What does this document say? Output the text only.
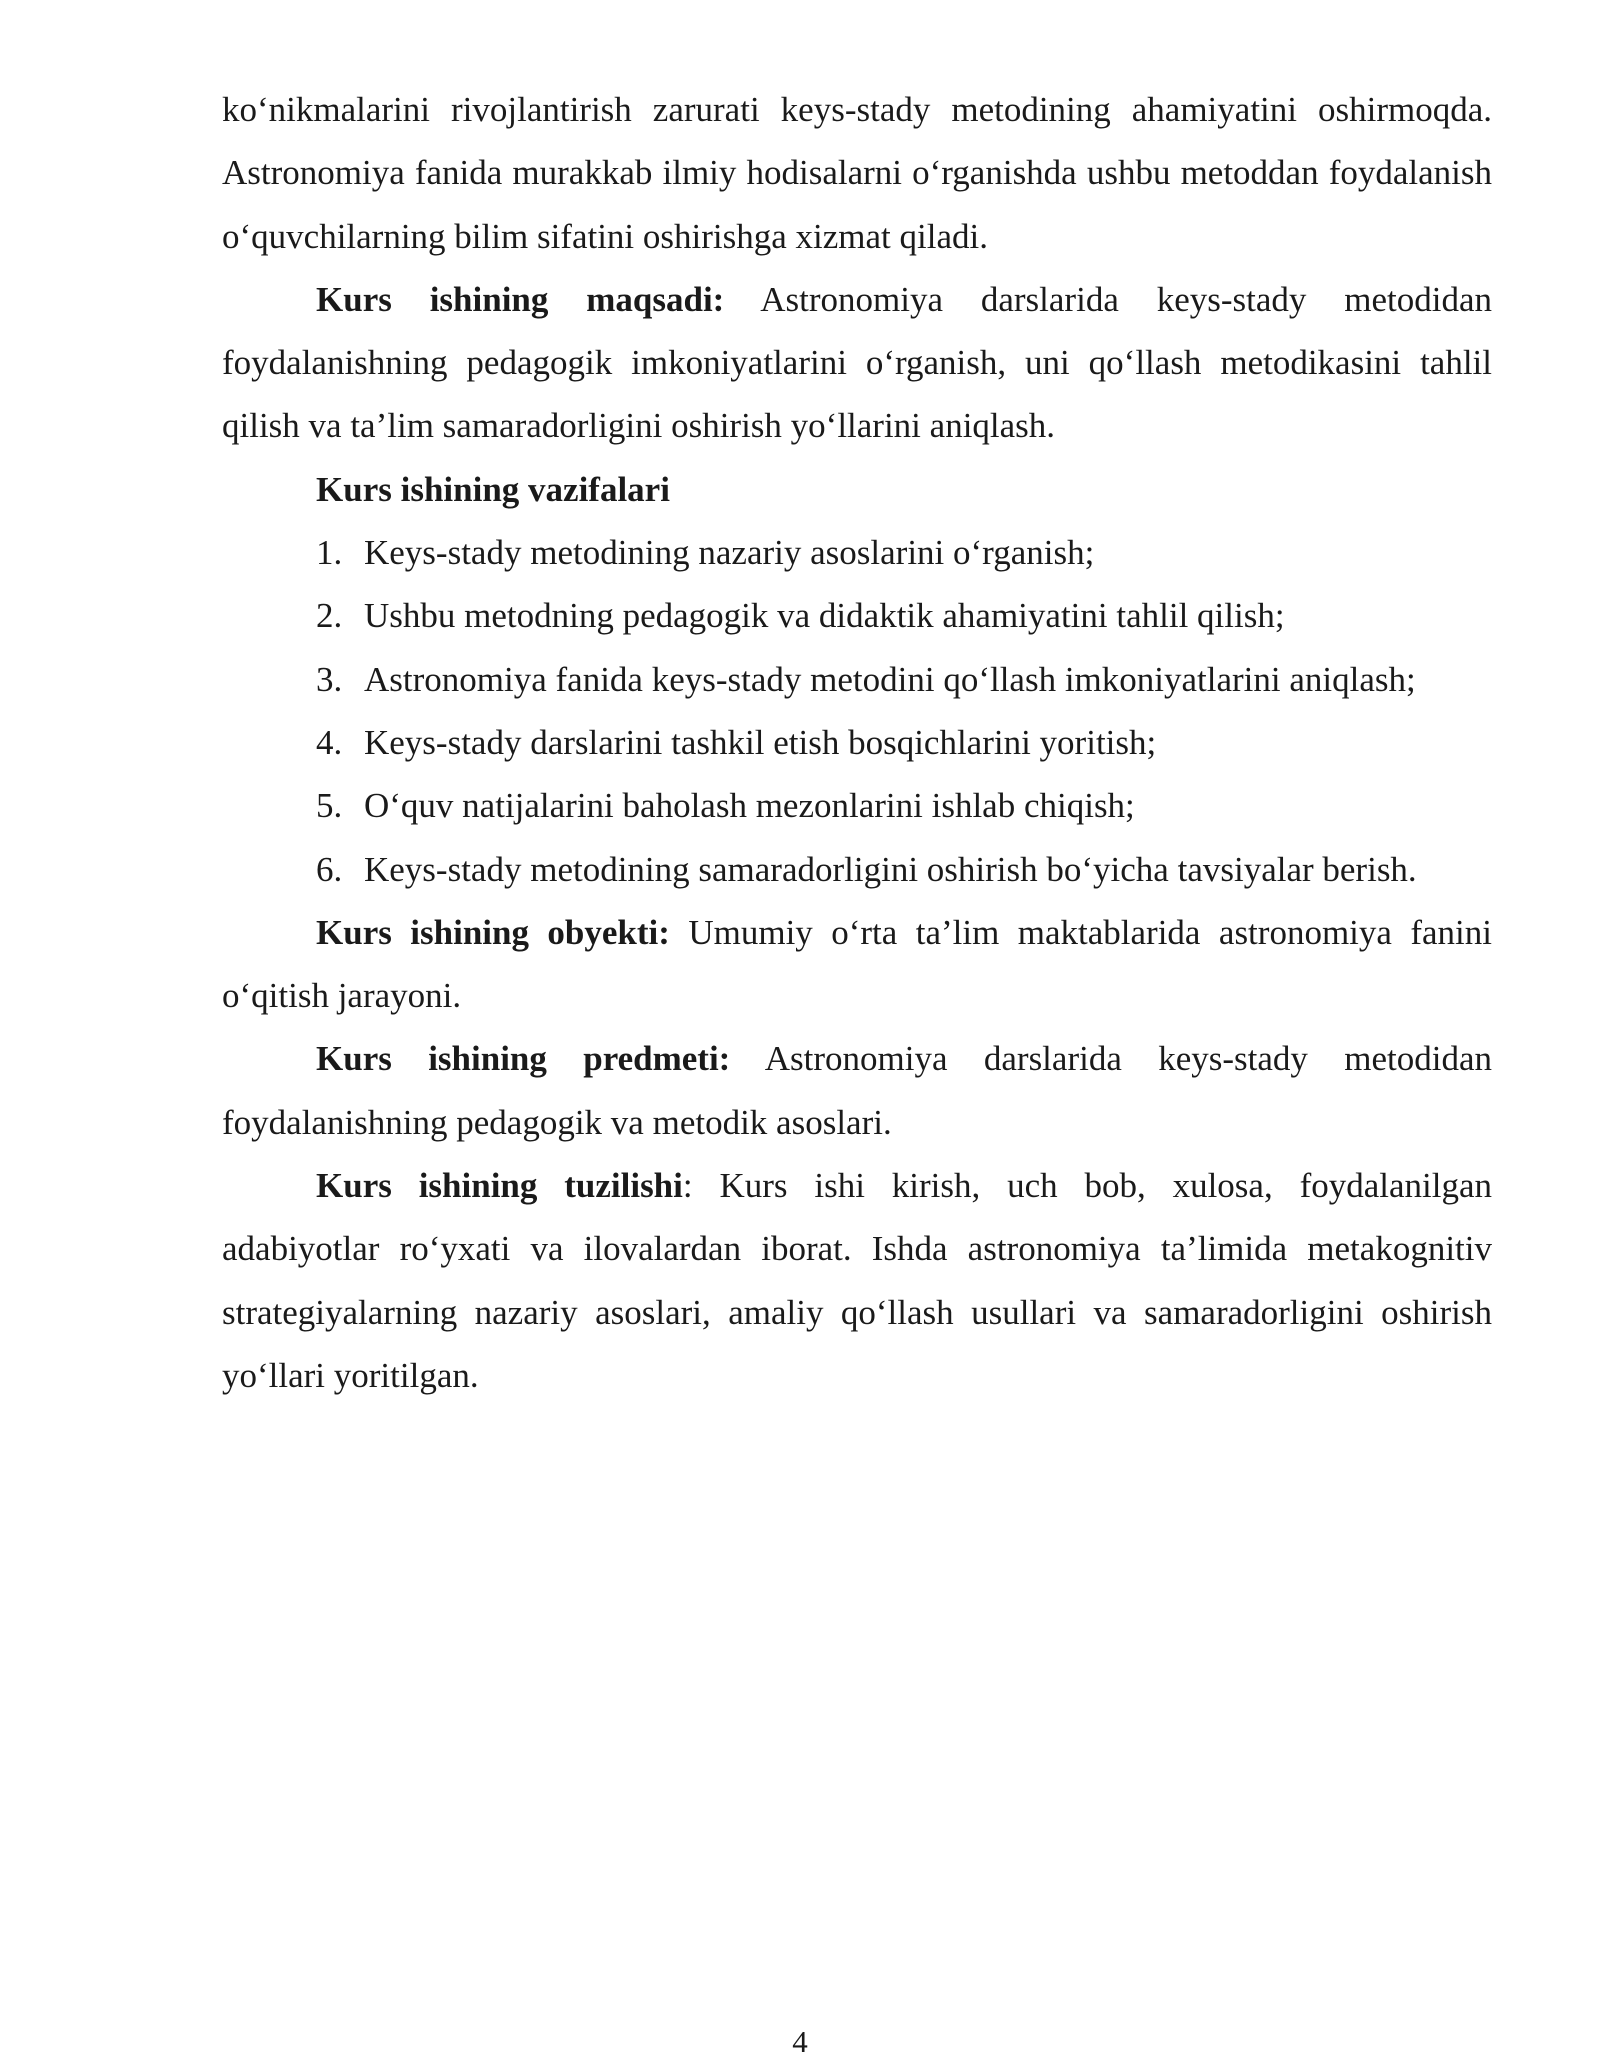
ko‘nikmalarini rivojlantirish zarurati keys-stady metodining ahamiyatini oshirmoqda. Astronomiya fanida murakkab ilmiy hodisalarni o‘rganishda ushbu metoddan foydalanish o‘quvchilarning bilim sifatini oshirishga xizmat qiladi.

Kurs ishining maqsadi: Astronomiya darslarida keys-stady metodidan foydalanishning pedagogik imkoniyatlarini o‘rganish, uni qo‘llash metodikasini tahlil qilish va ta’lim samaradorligini oshirish yo‘llarini aniqlash.

Kurs ishining vazifalari

1. Keys-stady metodining nazariy asoslarini o‘rganish;
2. Ushbu metodning pedagogik va didaktik ahamiyatini tahlil qilish;
3. Astronomiya fanida keys-stady metodini qo‘llash imkoniyatlarini aniqlash;
4. Keys-stady darslarini tashkil etish bosqichlarini yoritish;
5. O‘quv natijalarini baholash mezonlarini ishlab chiqish;
6. Keys-stady metodining samaradorligini oshirish bo‘yicha tavsiyalar berish.

Kurs ishining obyekti: Umumiy o‘rta ta’lim maktablarida astronomiya fanini o‘qitish jarayoni.

Kurs ishining predmeti: Astronomiya darslarida keys-stady metodidan foydalanishning pedagogik va metodik asoslari.

Kurs ishining tuzilishi: Kurs ishi kirish, uch bob, xulosa, foydalanilgan adabiyotlar ro‘yxati va ilovalardan iborat. Ishda astronomiya ta’limida metakognitiv strategiyalarning nazariy asoslari, amaliy qo‘llash usullari va samaradorligini oshirish yo‘llari yoritilgan.

4
